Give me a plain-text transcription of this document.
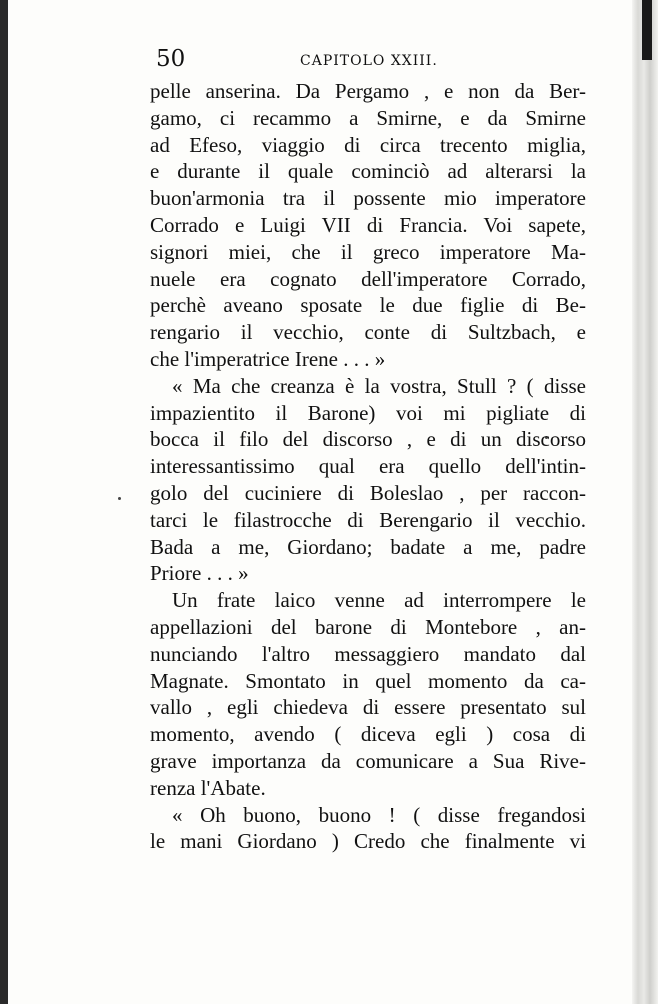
50	CAPITOLO XXIII.
pelle anserina. Da Pergamo , e non da Ber-
gamo, ci recammo a Smirne, e da Smirne
ad Efeso, viaggio di circa trecento miglia,
e durante il quale cominciò ad alterarsi la
buon'armonia tra il possente mio imperatore
Corrado e Luigi VII di Francia. Voi sapete,
signori miei, che il greco imperatore Ma-
nuele era cognato dell'imperatore Corrado,
perchè aveano sposate le due figlie di Be-
rengario il vecchio, conte di Sultzbach, e
che l'imperatrice Irene . . . »
« Ma che creanza è la vostra, Stull ? ( disse
impazientito il Barone) voi mi pigliate di
bocca il filo del discorso , e di un discorso
interessantissimo qual era quello dell'intin-
golo del cuciniere di Boleslao , per raccon-
tarci le filastrocche di Berengario il vecchio.
Bada a me, Giordano; badate a me, padre
Priore . . . »
Un frate laico venne ad interrompere le
appellazioni del barone di Montebore , an-
nunciando l'altro messaggiero mandato dal
Magnate. Smontato in quel momento da ca-
vallo , egli chiedeva di essere presentato sul
momento, avendo ( diceva egli ) cosa di
grave importanza da comunicare a Sua Rive-
renza l'Abate.
« Oh buono, buono ! ( disse fregandosi
le mani Giordano ) Credo che finalmente vi
